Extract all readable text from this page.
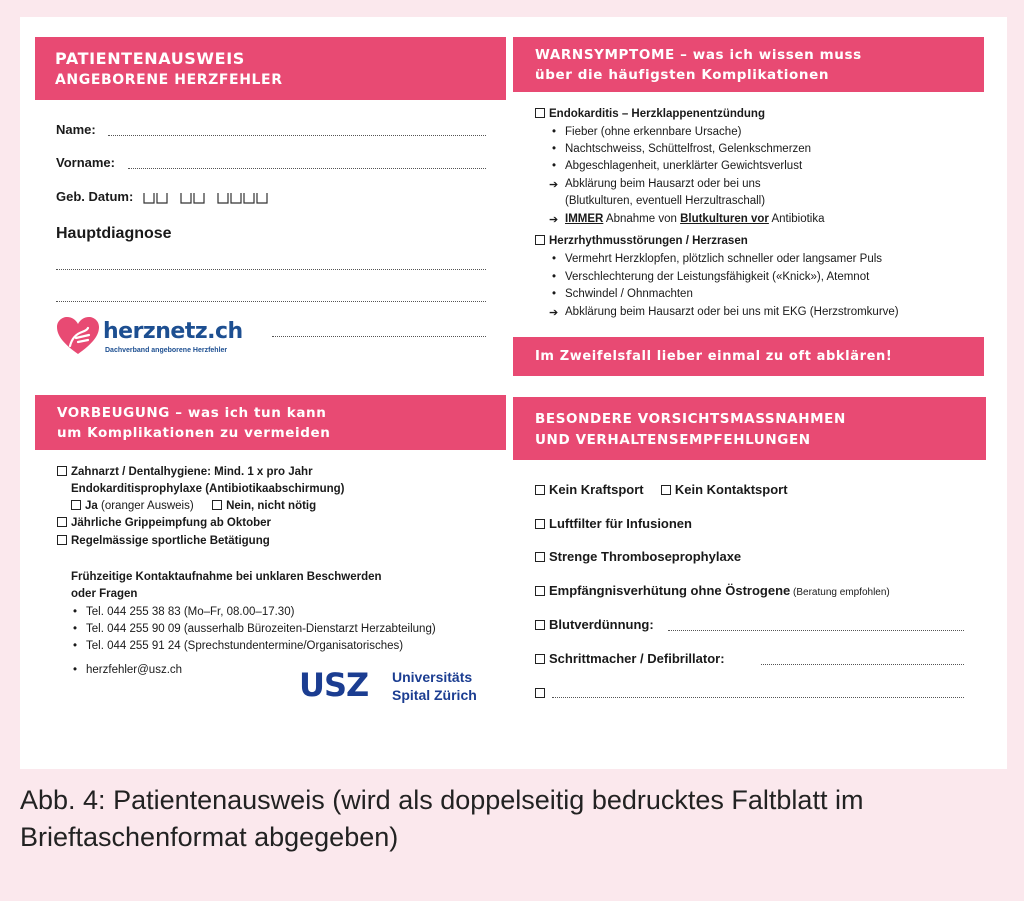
PATIENTENAUSWEIS
ANGEBORENE HERZFEHLER
Name:
Vorname:
Geb. Datum:
Hauptdiagnose
herznetz.ch
Dachverband angeborene Herzfehler
WARNSYMPTOME – was ich wissen muss
über die häufigsten Komplikationen
Endokarditis – Herzklappenentzündung
• Fieber (ohne erkennbare Ursache)
• Nachtschweiss, Schüttelfrost, Gelenkschmerzen
• Abgeschlagenheit, unerklärter Gewichtsverlust
➔ Abklärung beim Hausarzt oder bei uns
(Blutkulturen, eventuell Herzultraschall)
➔ IMMER Abnahme von Blutkulturen vor Antibiotika
Herzrhythmusstörungen / Herzrasen
• Vermehrt Herzklopfen, plötzlich schneller oder langsamer Puls
• Verschlechterung der Leistungsfähigkeit («Knick»), Atemnot
• Schwindel / Ohnmachten
➔ Abklärung beim Hausarzt oder bei uns mit EKG (Herzstromkurve)
Im Zweifelsfall lieber einmal zu oft abklären!
VORBEUGUNG – was ich tun kann
um Komplikationen zu vermeiden
Zahnarzt / Dentalhygiene: Mind. 1 x pro Jahr
Endokarditisprophylaxe (Antibiotikaabschirmung)
Ja (oranger Ausweis)	Nein, nicht nötig
Jährliche Grippeimpfung ab Oktober
Regelmässige sportliche Betätigung
Frühzeitige Kontaktaufnahme bei unklaren Beschwerden
oder Fragen
• Tel. 044 255 38 83 (Mo–Fr, 08.00–17.30)
• Tel. 044 255 90 09 (ausserhalb Bürozeiten-Dienstarzt Herzabteilung)
• Tel. 044 255 91 24 (Sprechstundentermine/Organisatorisches)
• herzfehler@usz.ch	USZ Universitäts
Spital Zürich
BESONDERE VORSICHTSMASSNAHMEN
UND VERHALTENSEMPFEHLUNGEN
Kein Kraftsport Kein Kontaktsport
Luftfilter für Infusionen
Strenge Thromboseprophylaxe
Empfängnisverhütung ohne Östrogene (Beratung empfohlen)
Blutverdünnung:
Schrittmacher / Defibrillator:
Abb. 4: Patientenausweis (wird als doppelseitig bedrucktes Faltblatt im
Brieftaschenformat abgegeben)
